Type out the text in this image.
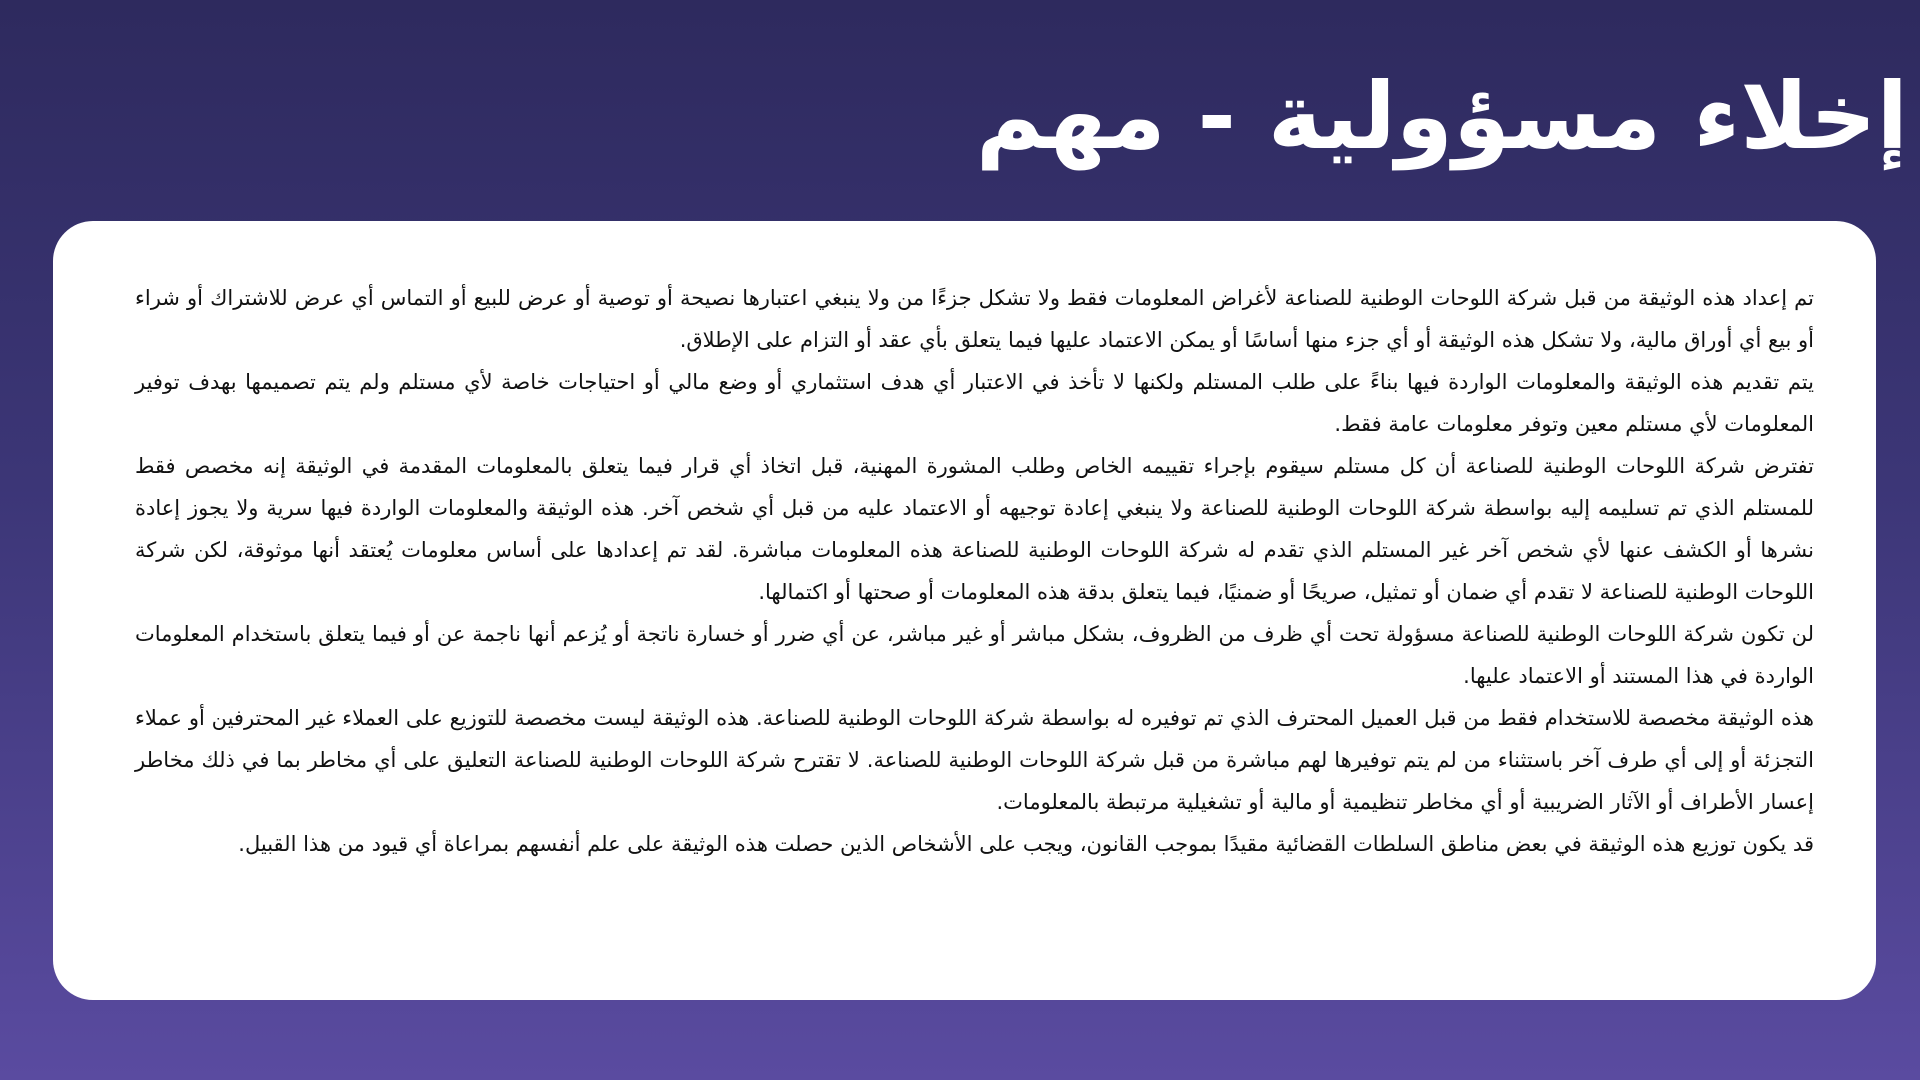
إخلاء مسؤولية - مهم

تم إعداد هذه الوثيقة من قبل شركة اللوحات الوطنية للصناعة لأغراض المعلومات فقط ولا تشكل جزءًا من ولا ينبغي اعتبارها نصيحة أو توصية أو عرض للبيع أو التماس أي عرض للاشتراك أو شراء أو بيع أي أوراق مالية، ولا تشكل هذه الوثيقة أو أي جزء منها أساسًا أو يمكن الاعتماد عليها فيما يتعلق بأي عقد أو التزام على الإطلاق.

يتم تقديم هذه الوثيقة والمعلومات الواردة فيها بناءً على طلب المستلم ولكنها لا تأخذ في الاعتبار أي هدف استثماري أو وضع مالي أو احتياجات خاصة لأي مستلم ولم يتم تصميمها بهدف توفير المعلومات لأي مستلم معين وتوفر معلومات عامة فقط.

تفترض شركة اللوحات الوطنية للصناعة أن كل مستلم سيقوم بإجراء تقييمه الخاص وطلب المشورة المهنية، قبل اتخاذ أي قرار فيما يتعلق بالمعلومات المقدمة في الوثيقة إنه مخصص فقط للمستلم الذي تم تسليمه إليه بواسطة شركة اللوحات الوطنية للصناعة ولا ينبغي إعادة توجيهه أو الاعتماد عليه من قبل أي شخص آخر. هذه الوثيقة والمعلومات الواردة فيها سرية ولا يجوز إعادة نشرها أو الكشف عنها لأي شخص آخر غير المستلم الذي تقدم له شركة اللوحات الوطنية للصناعة هذه المعلومات مباشرة. لقد تم إعدادها على أساس معلومات يُعتقد أنها موثوقة، لكن شركة اللوحات الوطنية للصناعة لا تقدم أي ضمان أو تمثيل، صريحًا أو ضمنيًا، فيما يتعلق بدقة هذه المعلومات أو صحتها أو اكتمالها.

لن تكون شركة اللوحات الوطنية للصناعة مسؤولة تحت أي ظرف من الظروف، بشكل مباشر أو غير مباشر، عن أي ضرر أو خسارة ناتجة أو يُزعم أنها ناجمة عن أو فيما يتعلق باستخدام المعلومات الواردة في هذا المستند أو الاعتماد عليها.

هذه الوثيقة مخصصة للاستخدام فقط من قبل العميل المحترف الذي تم توفيره له بواسطة شركة اللوحات الوطنية للصناعة. هذه الوثيقة ليست مخصصة للتوزيع على العملاء غير المحترفين أو عملاء التجزئة أو إلى أي طرف آخر باستثناء من لم يتم توفيرها لهم مباشرة من قبل شركة اللوحات الوطنية للصناعة. لا تقترح شركة اللوحات الوطنية للصناعة التعليق على أي مخاطر بما في ذلك مخاطر إعسار الأطراف أو الآثار الضريبية أو أي مخاطر تنظيمية أو مالية أو تشغيلية مرتبطة بالمعلومات.

قد يكون توزيع هذه الوثيقة في بعض مناطق السلطات القضائية مقيدًا بموجب القانون، ويجب على الأشخاص الذين حصلت هذه الوثيقة على علم أنفسهم بمراعاة أي قيود من هذا القبيل.
